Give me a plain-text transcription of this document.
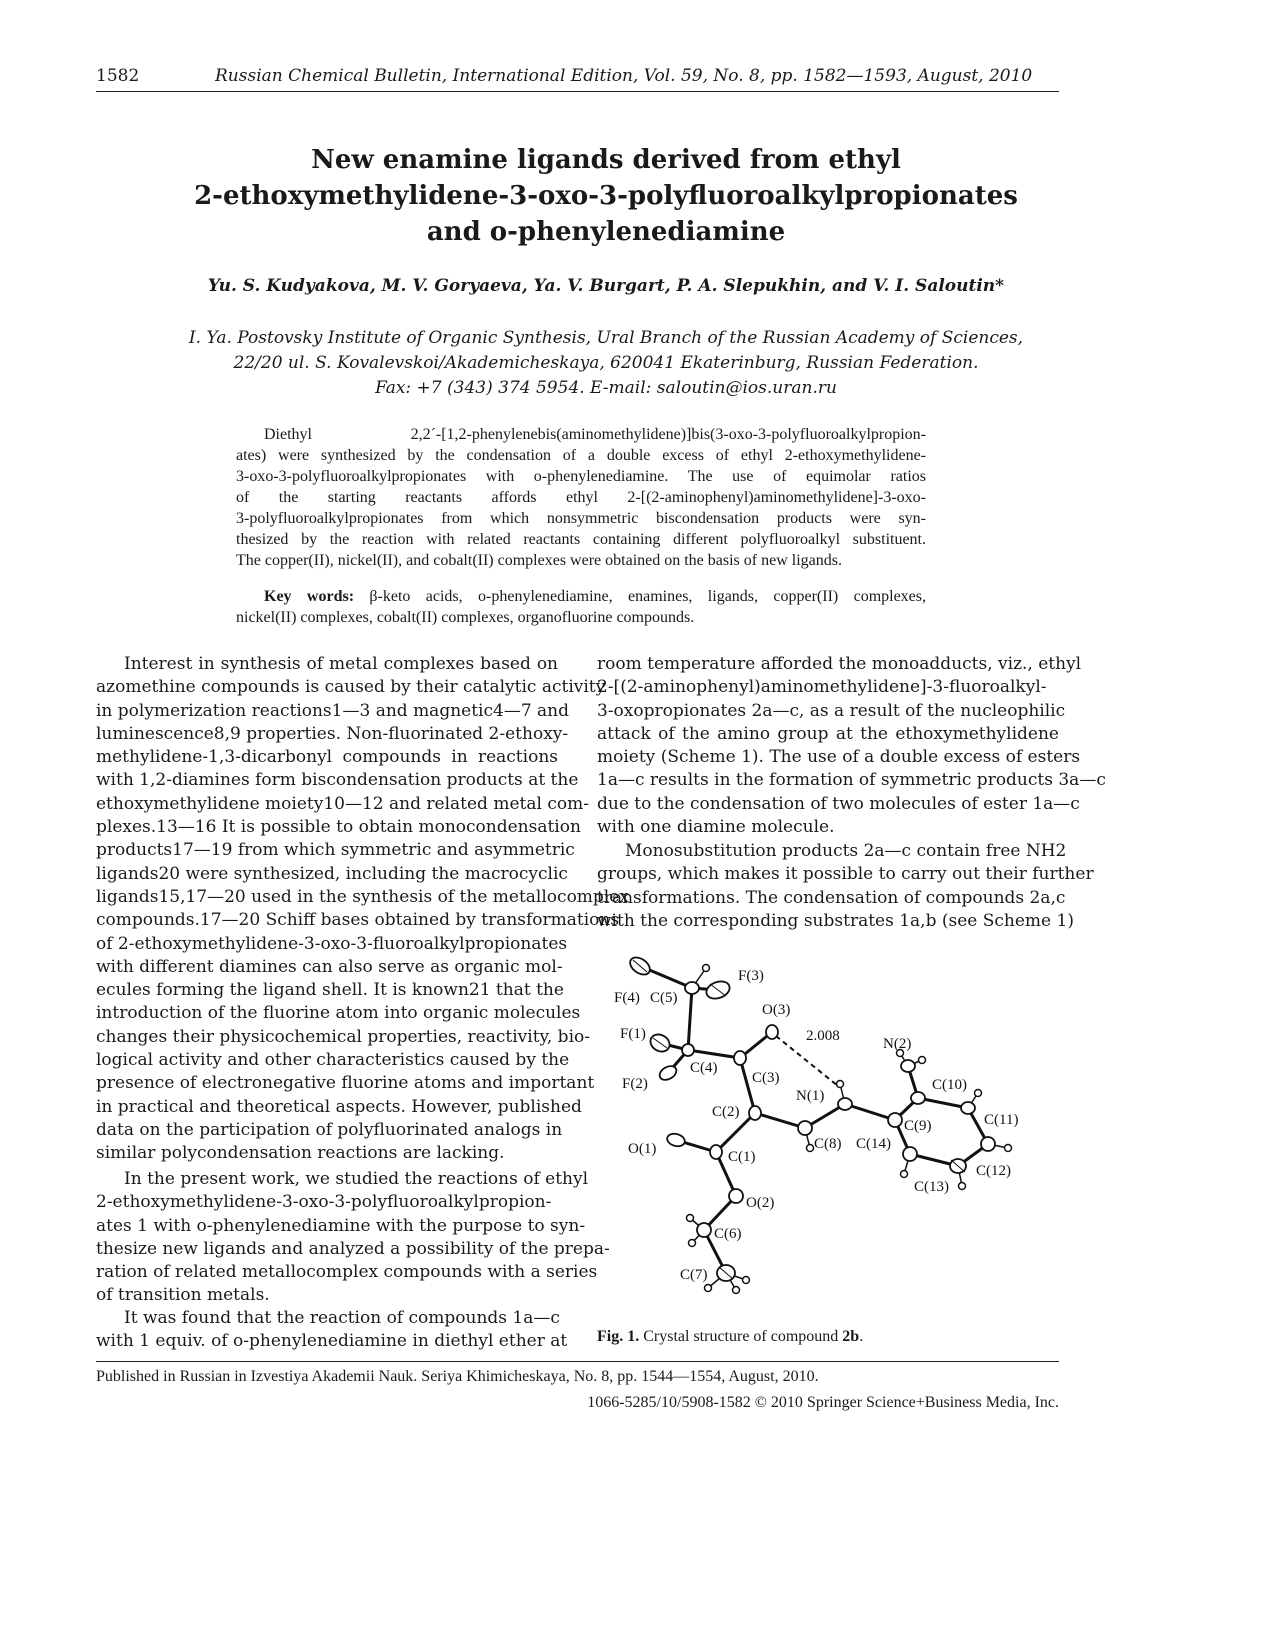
1582	Russian Chemical Bulletin, International Edition, Vol. 59, No. 8, pp. 1582—1593, August, 2010
New enamine ligands derived from ethyl
2-ethoxymethylidene-3-oxo-3-polyfluoroalkylpropionates
and o-phenylenediamine
Yu. S. Kudyakova, M. V. Goryaeva, Ya. V. Burgart, P. A. Slepukhin, and V. I. Saloutin*
I. Ya. Postovsky Institute of Organic Synthesis, Ural Branch of the Russian Academy of Sciences,
22/20 ul. S. Kovalevskoi/Akademicheskaya, 620041 Ekaterinburg, Russian Federation.
Fax: +7 (343) 374 5954. E-mail: saloutin@ios.uran.ru
Diethyl 2,2´-[1,2-phenylenebis(aminomethylidene)]bis(3-oxo-3-polyfluoroalkylpropion-
ates) were synthesized by the condensation of a double excess of ethyl 2-ethoxymethylidene-
3-oxo-3-polyfluoroalkylpropionates with o-phenylenediamine. The use of equimolar ratios
of the starting reactants affords ethyl 2-[(2-aminophenyl)aminomethylidene]-3-oxo-
3-polyfluoroalkylpropionates from which nonsymmetric biscondensation products were syn-
thesized by the reaction with related reactants containing different polyfluoroalkyl substituent.
The copper(II), nickel(II), and cobalt(II) complexes were obtained on the basis of new ligands.
Key words: β-keto acids, o-phenylenediamine, enamines, ligands, copper(II) complexes,
nickel(II) complexes, cobalt(II) complexes, organofluorine compounds.
Interest in synthesis of metal complexes based on
azomethine compounds is caused by their catalytic activity
in polymerization reactions1—3 and magnetic4—7 and
luminescence8,9 properties. Non-fluorinated 2-ethoxy-
methylidene-1,3-dicarbonyl compounds in reactions
with 1,2-diamines form biscondensation products at the
ethoxymethylidene moiety10—12 and related metal com-
plexes.13—16 It is possible to obtain monocondensation
products17—19 from which symmetric and asymmetric
ligands20 were synthesized, including the macrocyclic
ligands15,17—20 used in the synthesis of the metallocomplex
compounds.17—20 Schiff bases obtained by transformations
of 2-ethoxymethylidene-3-oxo-3-fluoroalkylpropionates
with different diamines can also serve as organic mol-
ecules forming the ligand shell. It is known21 that the
introduction of the fluorine atom into organic molecules
changes their physicochemical properties, reactivity, bio-
logical activity and other characteristics caused by the
presence of electronegative fluorine atoms and important
in practical and theoretical aspects. However, published
data on the participation of polyfluorinated analogs in
similar polycondensation reactions are lacking.
In the present work, we studied the reactions of ethyl
2-ethoxymethylidene-3-oxo-3-polyfluoroalkylpropion-
ates 1 with o-phenylenediamine with the purpose to syn-
thesize new ligands and analyzed a possibility of the prepa-
ration of related metallocomplex compounds with a series
of transition metals.
It was found that the reaction of compounds 1a—c
with 1 equiv. of o-phenylenediamine in diethyl ether at
room temperature afforded the monoadducts, viz., ethyl
2-[(2-aminophenyl)aminomethylidene]-3-fluoroalkyl-
3-oxopropionates 2a—c, as a result of the nucleophilic
attack of the amino group at the ethoxymethylidene
moiety (Scheme 1). The use of a double excess of esters
1a—c results in the formation of symmetric products 3a—c
due to the condensation of two molecules of ester 1a—c
with one diamine molecule.
Monosubstitution products 2a—c contain free NH2
groups, which makes it possible to carry out their further
transformations. The condensation of compounds 2a,c
with the corresponding substrates 1a,b (see Scheme 1)
F(3)
F(4) C(5)
O(3)
F(1)	2.008	N(2)
C(4)
C(3)	C(10)
F(2)
N(1)
C(2)	C(11)
C(9)
C(8) C(14)
O(1)	C(1)
C(12)
C(13)
O(2)
C(6)
C(7)
Fig. 1. Crystal structure of compound 2b.
Published in Russian in Izvestiya Akademii Nauk. Seriya Khimicheskaya, No. 8, pp. 1544—1554, August, 2010.
1066-5285/10/5908-1582 © 2010 Springer Science+Business Media, Inc.
